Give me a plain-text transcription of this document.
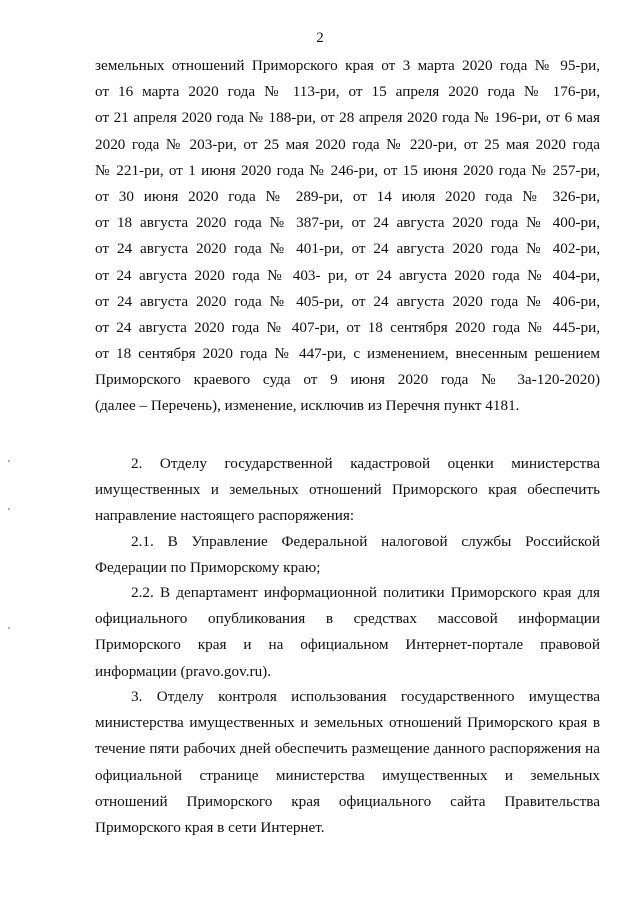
2
земельных отношений Приморского края от 3 марта 2020 года № 95-ри,
от 16 марта 2020 года № 113-ри, от 15 апреля 2020 года № 176-ри,
от 21 апреля 2020 года № 188-ри, от 28 апреля 2020 года № 196-ри, от 6 мая
2020 года № 203-ри, от 25 мая 2020 года № 220-ри, от 25 мая 2020 года
№ 221-ри, от 1 июня 2020 года № 246-ри, от 15 июня 2020 года № 257-ри,
от 30 июня 2020 года № 289-ри, от 14 июля 2020 года № 326-ри,
от 18 августа 2020 года № 387-ри, от 24 августа 2020 года № 400-ри,
от 24 августа 2020 года № 401-ри, от 24 августа 2020 года № 402-ри,
от 24 августа 2020 года № 403- ри, от 24 августа 2020 года № 404-ри,
от 24 августа 2020 года № 405-ри, от 24 августа 2020 года № 406-ри,
от 24 августа 2020 года № 407-ри, от 18 сентября 2020 года № 445-ри,
от 18 сентября 2020 года № 447-ри, с изменением, внесенным решением
Приморского краевого суда от 9 июня 2020 года № 3а-120-2020)
(далее – Перечень), изменение, исключив из Перечня пункт 4181.
2. Отделу государственной кадастровой оценки министерства
имущественных и земельных отношений Приморского края обеспечить
направление настоящего распоряжения:
2.1. В Управление Федеральной налоговой службы Российской
Федерации по Приморскому краю;
2.2. В департамент информационной политики Приморского края для
официального опубликования в средствах массовой информации
Приморского края и на официальном Интернет-портале правовой
информации (pravo.gov.ru).
3. Отделу контроля использования государственного имущества
министерства имущественных и земельных отношений Приморского края в
течение пяти рабочих дней обеспечить размещение данного распоряжения на
официальной странице министерства имущественных и земельных
отношений Приморского края официального сайта Правительства
Приморского края в сети Интернет.
